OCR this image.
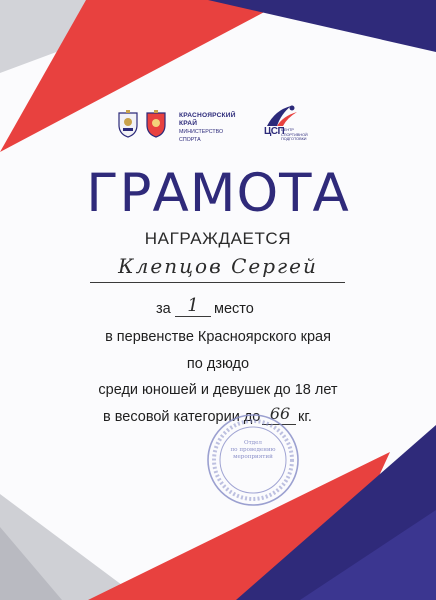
КРАСНОЯРСКИЙ
КРАЙ
МИНИСТЕРСТВО
СПОРТА
ЦСП
ЦЕНТР
СПОРТИВНОЙ
ПОДГОТОВКИ
ГРАМОТА
НАГРАЖДАЕТСЯ
Клепцов Сергей
за 1	место
в первенстве Красноярского края
по дзюдо
среди юношей и девушек до 18 лет
в весовой категории до 66 кг.
Отдел
по проведению
мероприятий
